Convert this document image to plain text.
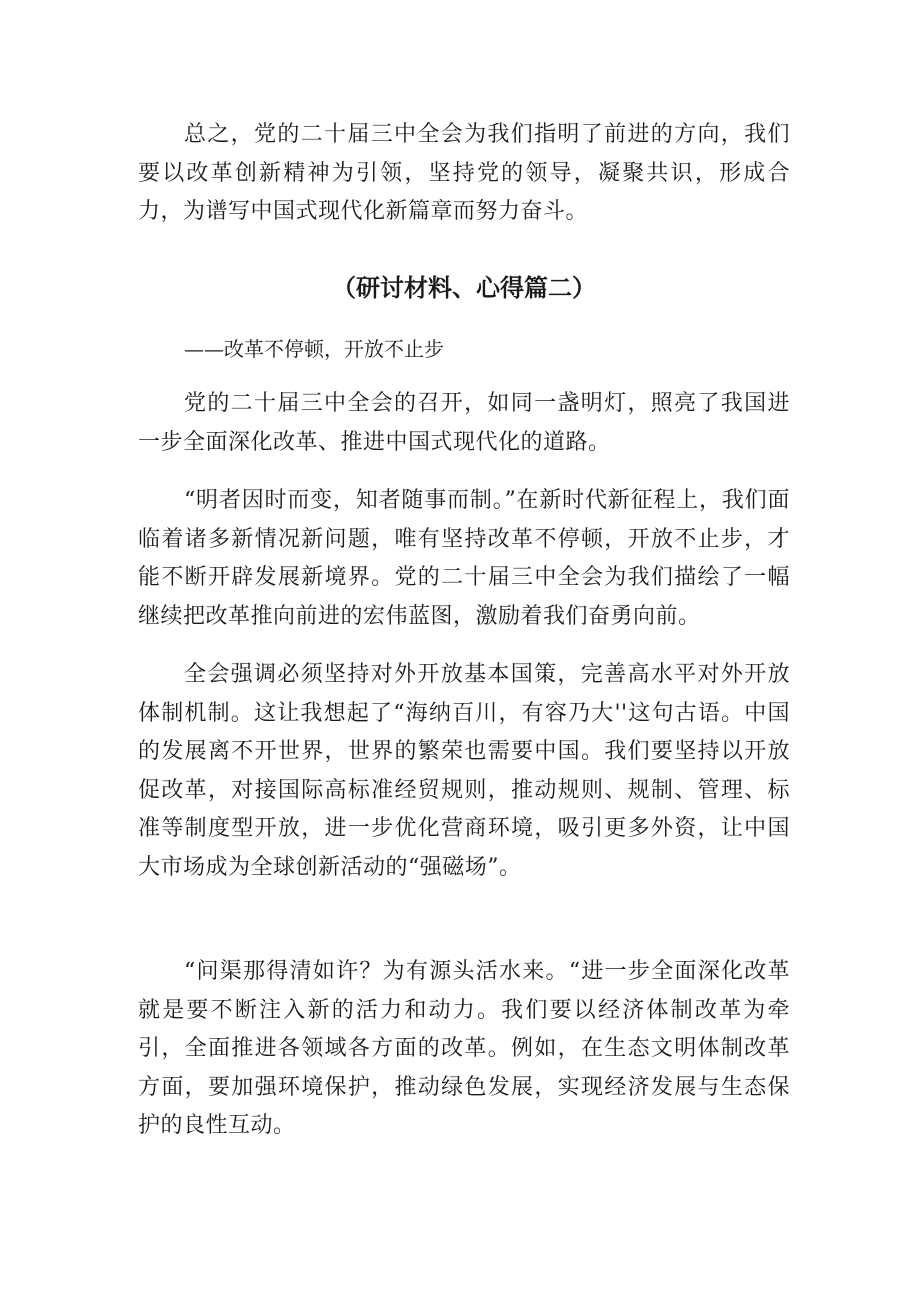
总之，党的二十届三中全会为我们指明了前进的方向，我们要以改革创新精神为引领，坚持党的领导，凝聚共识，形成合力，为谱写中国式现代化新篇章而努力奋斗。

（研讨材料、心得篇二）

——改革不停顿，开放不止步

党的二十届三中全会的召开，如同一盏明灯，照亮了我国进一步全面深化改革、推进中国式现代化的道路。

“明者因时而变，知者随事而制。”在新时代新征程上，我们面临着诸多新情况新问题，唯有坚持改革不停顿，开放不止步，才能不断开辟发展新境界。党的二十届三中全会为我们描绘了一幅继续把改革推向前进的宏伟蓝图，激励着我们奋勇向前。

全会强调必须坚持对外开放基本国策，完善高水平对外开放体制机制。这让我想起了“海纳百川，有容乃大''这句古语。中国的发展离不开世界，世界的繁荣也需要中国。我们要坚持以开放促改革，对接国际高标准经贸规则，推动规则、规制、管理、标准等制度型开放，进一步优化营商环境，吸引更多外资，让中国大市场成为全球创新活动的“强磁场”。

“问渠那得清如许？为有源头活水来。“进一步全面深化改革就是要不断注入新的活力和动力。我们要以经济体制改革为牵引，全面推进各领域各方面的改革。例如，在生态文明体制改革方面，要加强环境保护，推动绿色发展，实现经济发展与生态保护的良性互动。
